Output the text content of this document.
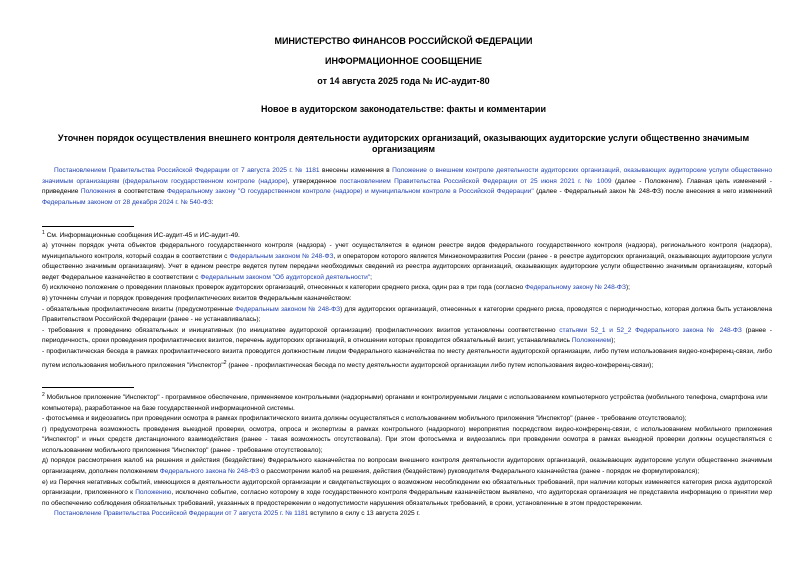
МИНИСТЕРСТВО ФИНАНСОВ РОССИЙСКОЙ ФЕДЕРАЦИИ
ИНФОРМАЦИОННОЕ СООБЩЕНИЕ
от 14 августа 2025 года № ИС-аудит-80
Новое в аудиторском законодательстве: факты и комментарии
Уточнен порядок осуществления внешнего контроля деятельности аудиторских организаций, оказывающих аудиторские услуги общественно значимым организациям
Постановлением Правительства Российской Федерации от 7 августа 2025 г. № 1181 внесены изменения в Положение о внешнем контроле деятельности аудиторских организаций, оказывающих аудиторские услуги общественно значимым организациям (федеральном государственном контроле (надзоре), утвержденное постановлением Правительства Российской Федерации от 25 июня 2021 г. № 1009 (далее - Положение). Главная цель изменений - приведение Положения в соответствие Федеральному закону "О государственном контроле (надзоре) и муниципальном контроле в Российской Федерации" (далее - Федеральный закон № 248-ФЗ) после внесения в него изменений Федеральным законом от 28 декабря 2024 г. № 540-ФЗ:
$^1$ См. Информационные сообщения ИС-аудит-45 и ИС-аудит-49.
а) уточнен порядок учета объектов федерального государственного контроля (надзора) - учет осуществляется в едином реестре видов федерального государственного контроля (надзора), регионального контроля (надзора), муниципального контроля, который создан в соответствии с Федеральным законом № 248-ФЗ, и оператором которого является Минэкономразвития России (ранее - в реестре аудиторских организаций, оказывающих аудиторские услуги общественно значимым организациям). Учет в едином реестре ведется путем передачи необходимых сведений из реестра аудиторских организаций, оказывающих аудиторские услуги общественно значимым организациям, который ведет Федеральное казначейство в соответствии с Федеральным законом "Об аудиторской деятельности";
б) исключено положение о проведении плановых проверок аудиторских организаций, отнесенных к категории среднего риска, один раз в три года (согласно Федеральному закону № 248-ФЗ);
в) уточнены случаи и порядок проведения профилактических визитов Федеральным казначейством:
- обязательные профилактические визиты (предусмотренные Федеральным законом № 248-ФЗ) для аудиторских организаций, отнесенных к категории среднего риска, проводятся с периодичностью, которая должна быть установлена Правительством Российской Федерации (ранее - не устанавливалась);
- требования к проведению обязательных и инициативных (по инициативе аудиторской организации) профилактических визитов установлены соответственно статьями 52_1 и 52_2 Федерального закона № 248-ФЗ (ранее - периодичность, сроки проведения профилактических визитов, перечень аудиторских организаций, в отношении которых проводится обязательный визит, устанавливались Положением);
- профилактическая беседа в рамках профилактического визита проводится должностным лицом Федерального казначейства по месту деятельности аудиторской организации, либо путем использования видео-конференц-связи, либо путем использования мобильного приложения "Инспектор"$^2$ (ранее - профилактическая беседа по месту деятельности аудиторской организации либо путем использования видео-конференц-связи);
$^2$ Мобильное приложение "Инспектор" - программное обеспечение, применяемое контрольными (надзорными) органами и контролируемыми лицами с использованием компьютерного устройства (мобильного телефона, смартфона или компьютера), разработанное на базе государственной информационной системы.
- фотосъемка и видеозапись при проведении осмотра в рамках профилактического визита должны осуществляться с использованием мобильного приложения "Инспектор" (ранее - требование отсутствовало);
г) предусмотрена возможность проведения выездной проверки, осмотра, опроса и экспертизы в рамках контрольного (надзорного) мероприятия посредством видео-конференц-связи, с использованием мобильного приложения "Инспектор" и иных средств дистанционного взаимодействия (ранее - такая возможность отсутствовала). При этом фотосъемка и видеозапись при проведении осмотра в рамках выездной проверки должны осуществляться с использованием мобильного приложения "Инспектор" (ранее - требование отсутствовало);
д) порядок рассмотрения жалоб на решения и действия (бездействие) Федерального казначейства по вопросам внешнего контроля деятельности аудиторских организаций, оказывающих аудиторские услуги общественно значимым организациям, дополнен положением Федерального закона № 248-ФЗ о рассмотрении жалоб на решения, действия (бездействие) руководителя Федерального казначейства (ранее - порядок не формулировался);
е) из Перечня негативных событий, имеющихся в деятельности аудиторской организации и свидетельствующих о возможном несоблюдении ею обязательных требований, при наличии которых изменяется категория риска аудиторской организации, приложенного к Положению, исключено событие, согласно которому в ходе государственного контроля Федеральным казначейством выявлено, что аудиторская организация не представила информацию о принятии мер по обеспечению соблюдения обязательных требований, указанных в предостережении о недопустимости нарушения обязательных требований, в сроки, установленные в этом предостережении.
Постановление Правительства Российской Федерации от 7 августа 2025 г. № 1181 вступило в силу с 13 августа 2025 г.
